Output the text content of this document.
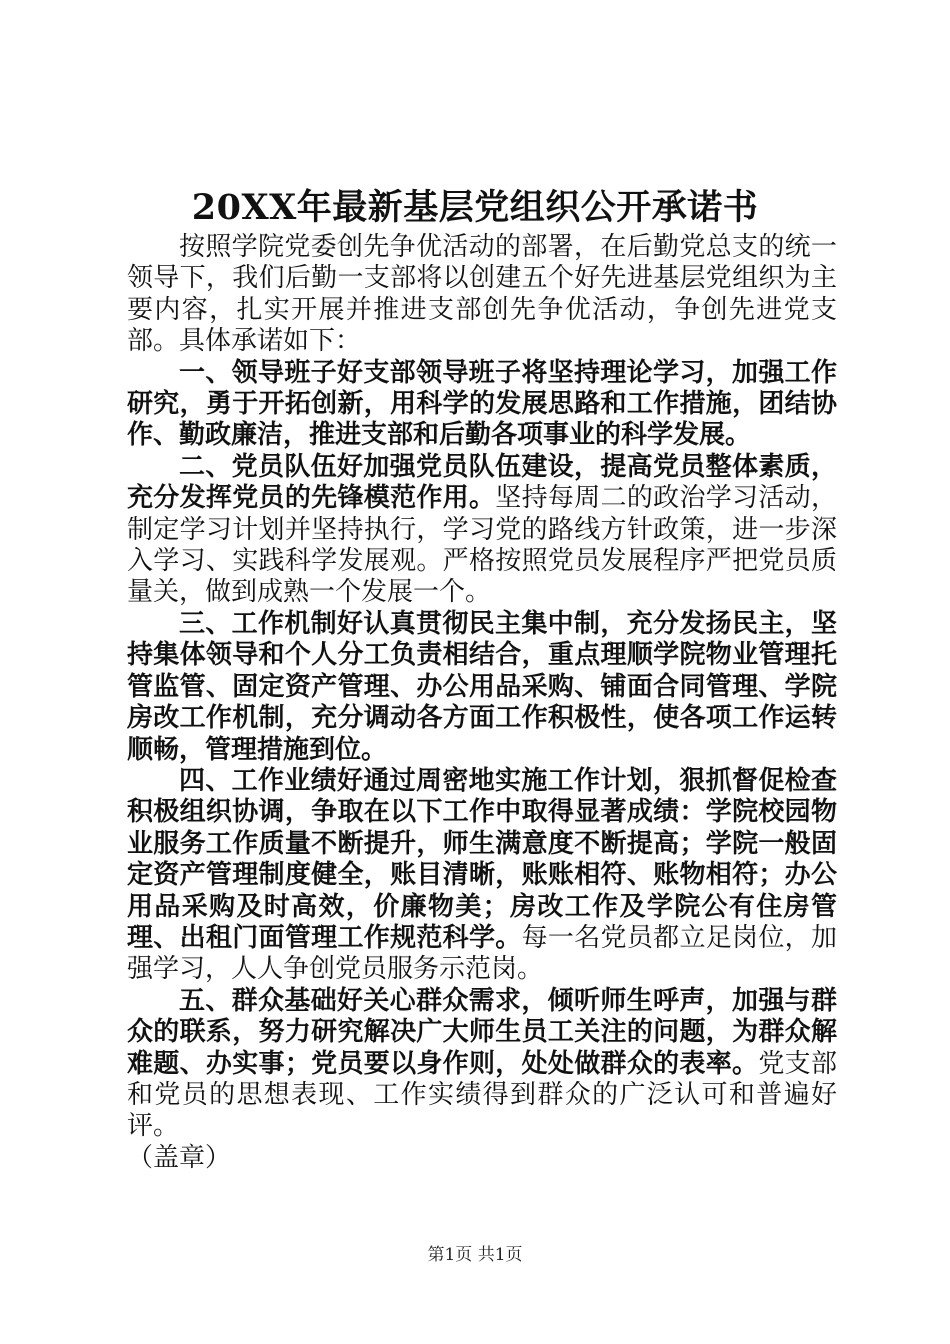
20XX年最新基层党组织公开承诺书

按照学院党委创先争优活动的部署，在后勤党总支的统一领导下，我们后勤一支部将以创建五个好先进基层党组织为主要内容，扎实开展并推进支部创先争优活动，争创先进党支部。具体承诺如下：

一、领导班子好支部领导班子将坚持理论学习，加强工作研究，勇于开拓创新，用科学的发展思路和工作措施，团结协作、勤政廉洁，推进支部和后勤各项事业的科学发展。

二、党员队伍好加强党员队伍建设，提高党员整体素质，充分发挥党员的先锋模范作用。坚持每周二的政治学习活动，制定学习计划并坚持执行，学习党的路线方针政策，进一步深入学习、实践科学发展观。严格按照党员发展程序严把党员质量关，做到成熟一个发展一个。

三、工作机制好认真贯彻民主集中制，充分发扬民主，坚持集体领导和个人分工负责相结合，重点理顺学院物业管理托管监管、固定资产管理、办公用品采购、铺面合同管理、学院房改工作机制，充分调动各方面工作积极性，使各项工作运转顺畅，管理措施到位。

四、工作业绩好通过周密地实施工作计划，狠抓督促检查积极组织协调，争取在以下工作中取得显著成绩：学院校园物业服务工作质量不断提升，师生满意度不断提高；学院一般固定资产管理制度健全，账目清晰，账账相符、账物相符；办公用品采购及时高效，价廉物美；房改工作及学院公有住房管理、出租门面管理工作规范科学。每一名党员都立足岗位，加强学习，人人争创党员服务示范岗。

五、群众基础好关心群众需求，倾听师生呼声，加强与群众的联系，努力研究解决广大师生员工关注的问题，为群众解难题、办实事；党员要以身作则，处处做群众的表率。党支部和党员的思想表现、工作实绩得到群众的广泛认可和普遍好评。

（盖章）

第1页 共1页
